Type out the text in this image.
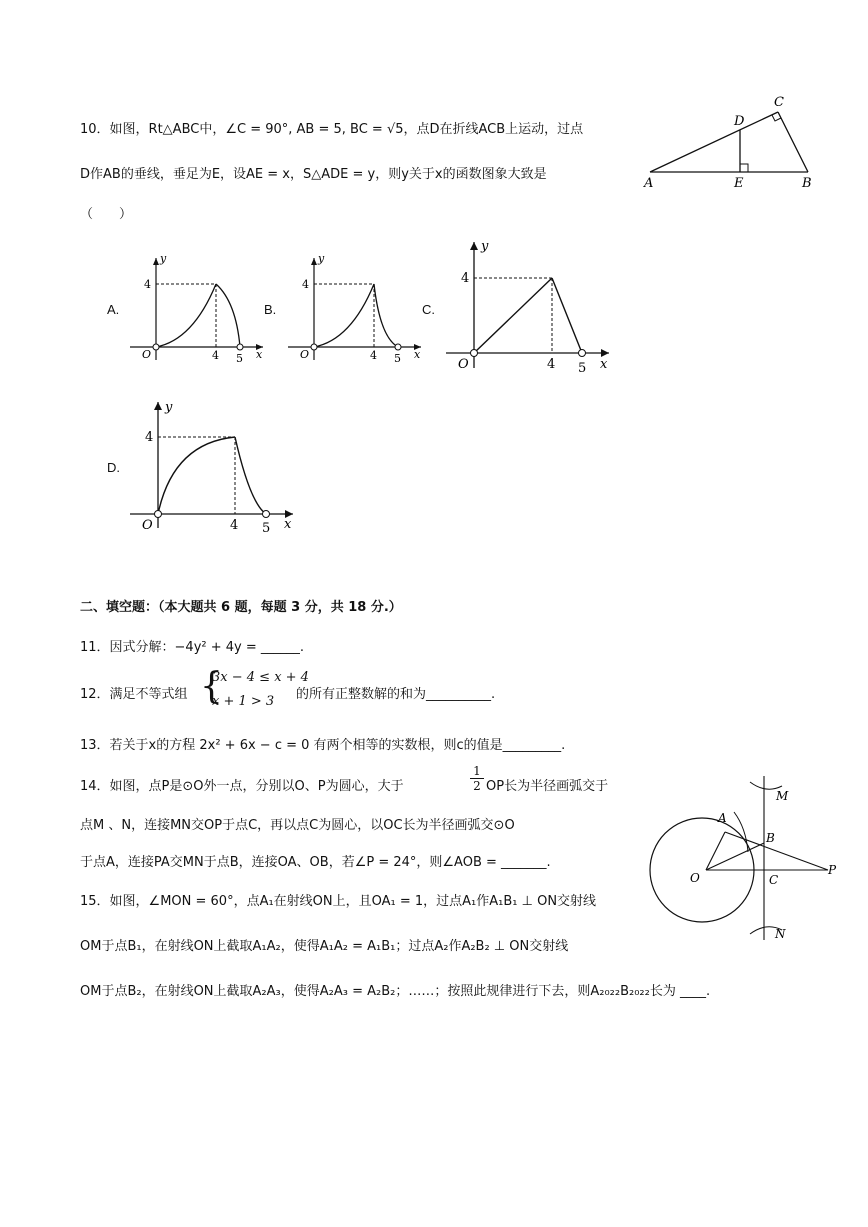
10．如图，Rt△ABC中，∠C = 90°, AB = 5, BC = √5，点D在折线ACB上运动，过点
D作AB的垂线，垂足为E，设AE = x，S△ADE = y，则y关于x的函数图象大致是
（　　）
A	B
C
D
E
A.
4
4 5
O	x
y
B.
4
4 5
O	x
y
C.
4
4 5
O	x
y
D.
4
4 5
O	x
y
二、填空题：（本大题共 6 题，每题 3 分，共 18 分.）
11．因式分解：−4y² + 4y = ______.
12．满足不等式组 {
3x − 4 ≤ x + 4
x + 1 > 3 的所有正整数解的和为__________.
13．若关于x的方程 2x² + 6x − c = 0 有两个相等的实数根，则c的值是_________.
14．如图，点P是⊙O外一点，分别以O、P为圆心，大于	$\frac{1}{2}$ OP长为半径画弧交于
点M 、N，连接MN交OP于点C，再以点C为圆心，以OC长为半径画弧交⊙O
于点A，连接PA交MN于点B，连接OA、OB，若∠P = 24°，则∠AOB = _______.
M
A
B
O	C
P
N
15．如图，∠MON = 60°，点A₁在射线ON上，且OA₁ = 1，过点A₁作A₁B₁ ⊥ ON交射线
OM于点B₁，在射线ON上截取A₁A₂，使得A₁A₂ = A₁B₁；过点A₂作A₂B₂ ⊥ ON交射线
OM于点B₂，在射线ON上截取A₂A₃，使得A₂A₃ = A₂B₂；……；按照此规律进行下去，则A₂₀₂₂B₂₀₂₂长为 ____.
